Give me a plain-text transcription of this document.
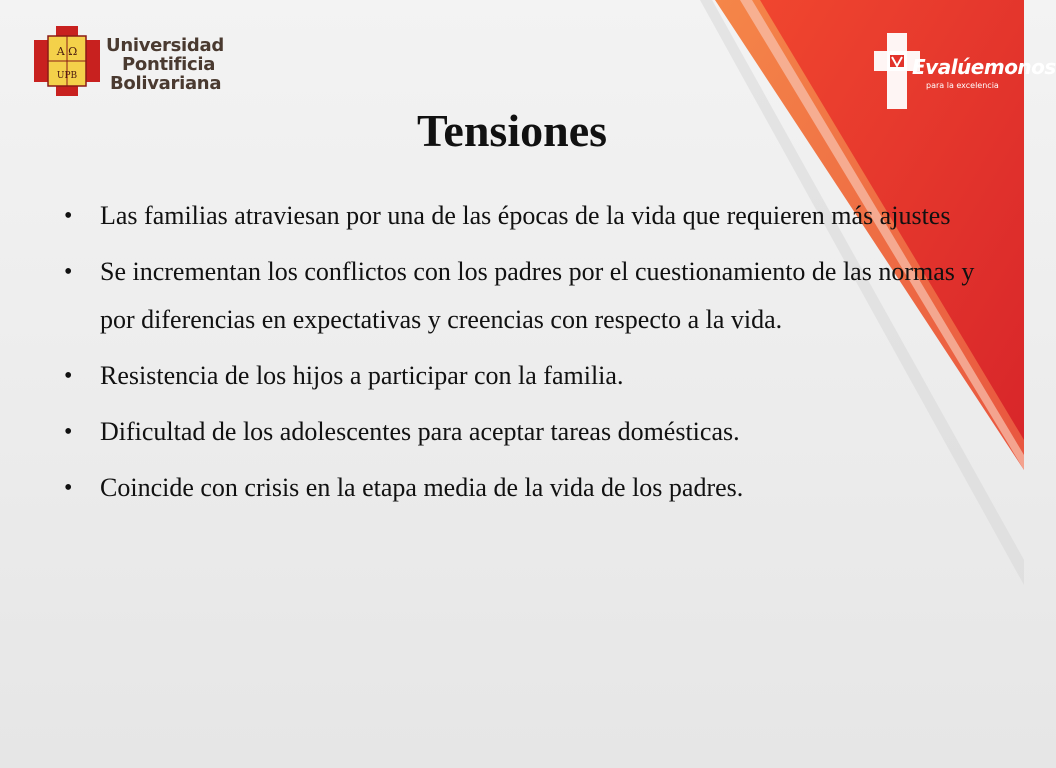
A Ω
UPB
Universidad
Pontificia
Bolivariana
Evalúemonos
para la excelencia
Tensiones
• Las familias atraviesan por una de las épocas de la vida que requieren más ajustes
• Se incrementan los conflictos con los padres por el cuestionamiento de las normas y por diferencias en expectativas y creencias con respecto a la vida.
• Resistencia de los hijos a participar con la familia.
• Dificultad de los adolescentes para aceptar tareas domésticas.
• Coincide con crisis en la etapa media de la vida de los padres.
